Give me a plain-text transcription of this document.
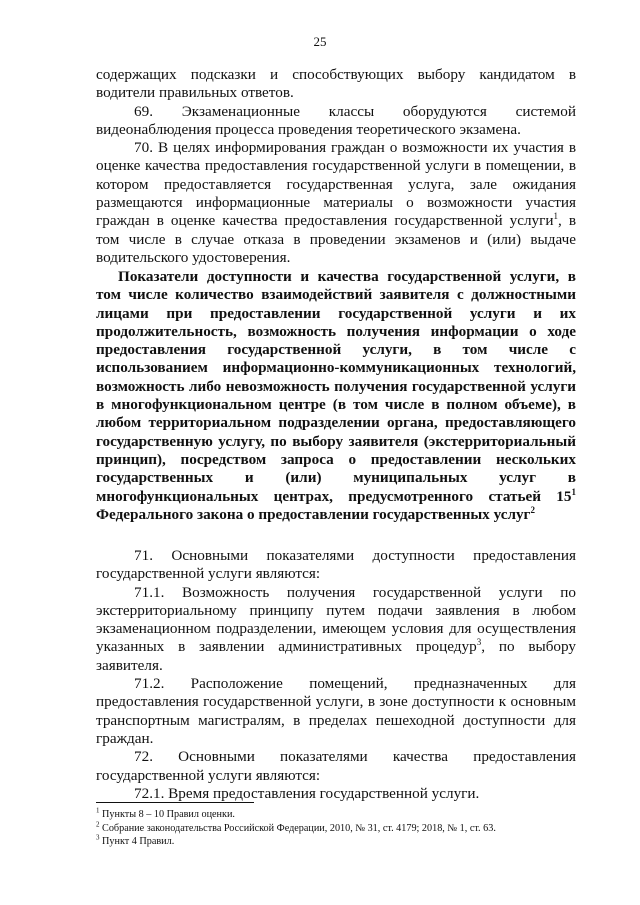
25

содержащих подсказки и способствующих выбору кандидатом в водители правильных ответов.

69. Экзаменационные классы оборудуются системой видеонаблюдения процесса проведения теоретического экзамена.

70. В целях информирования граждан о возможности их участия в оценке качества предоставления государственной услуги в помещении, в котором предоставляется государственная услуга, зале ожидания размещаются информационные материалы о возможности участия граждан в оценке качества предоставления государственной услуги$^1$, в том числе в случае отказа в проведении экзаменов и (или) выдаче водительского удостоверения.

Показатели доступности и качества государственной услуги, в том числе количество взаимодействий заявителя с должностными лицами при предоставлении государственной услуги и их продолжительность, возможность получения информации о ходе предоставления государственной услуги, в том числе с использованием информационно-коммуникационных технологий, возможность либо невозможность получения государственной услуги в многофункциональном центре (в том числе в полном объеме), в любом территориальном подразделении органа, предоставляющего государственную услугу, по выбору заявителя (экстерриториальный принцип), посредством запроса о предоставлении нескольких государственных и (или) муниципальных услуг в многофункциональных центрах, предусмотренного статьей $15^1$ Федерального закона о предоставлении государственных услуг$^2$

71. Основными показателями доступности предоставления государственной услуги являются:

71.1. Возможность получения государственной услуги по экстерриториальному принципу путем подачи заявления в любом экзаменационном подразделении, имеющем условия для осуществления указанных в заявлении административных процедур$^3$, по выбору заявителя.

71.2. Расположение помещений, предназначенных для предоставления государственной услуги, в зоне доступности к основным транспортным магистралям, в пределах пешеходной доступности для граждан.

72. Основными показателями качества предоставления государственной услуги являются:

72.1. Время предоставления государственной услуги.

$^1$ Пункты 8 – 10 Правил оценки.

$^2$ Собрание законодательства Российской Федерации, 2010, № 31, ст. 4179; 2018, № 1, ст. 63.

$^3$ Пункт 4 Правил.
